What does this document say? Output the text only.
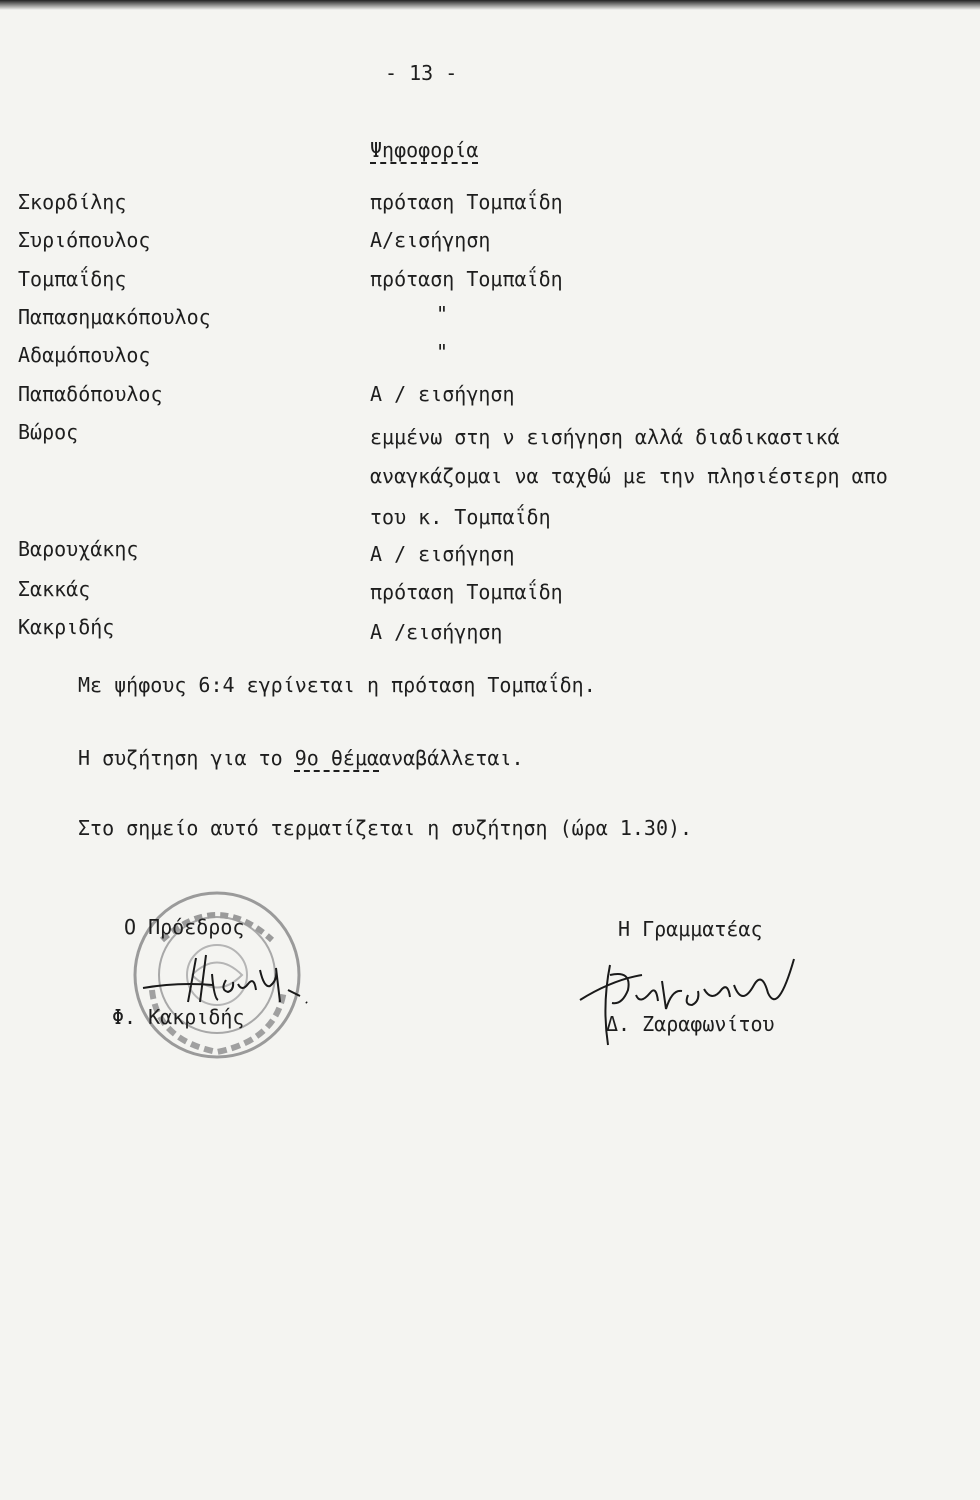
- 13 -
Ψηφοφορία
Σκορδίλης	πρόταση Τομπαΐδη
Συριόπουλος	Α/εισήγηση
Τομπαΐδης	πρόταση Τομπαΐδη
Παπασημακόπουλος	"
Αδαμόπουλος	"
Παπαδόπουλος	Α / εισήγηση
Βώρος	εμμένω στη ν εισήγηση αλλά διαδικαστικά
αναγκάζομαι να ταχθώ με την πλησιέστερη απο
του κ. Τομπαΐδη
Βαρουχάκης	Α / εισήγηση
Σακκάς	πρόταση Τομπαΐδη
Κακριδής	Α /εισήγηση
Με ψήφους 6:4 εγρίνεται η πρόταση Τομπαΐδη.
Η συζήτηση για το 9ο θέμααναβάλλεται.
Στο σημείο αυτό τερματίζεται η συζήτηση (ώρα 1.30).
Ο Πρόεδρος
Φ. Κακριδής
Η Γραμματέας
Δ. Ζαραφωνίτου
